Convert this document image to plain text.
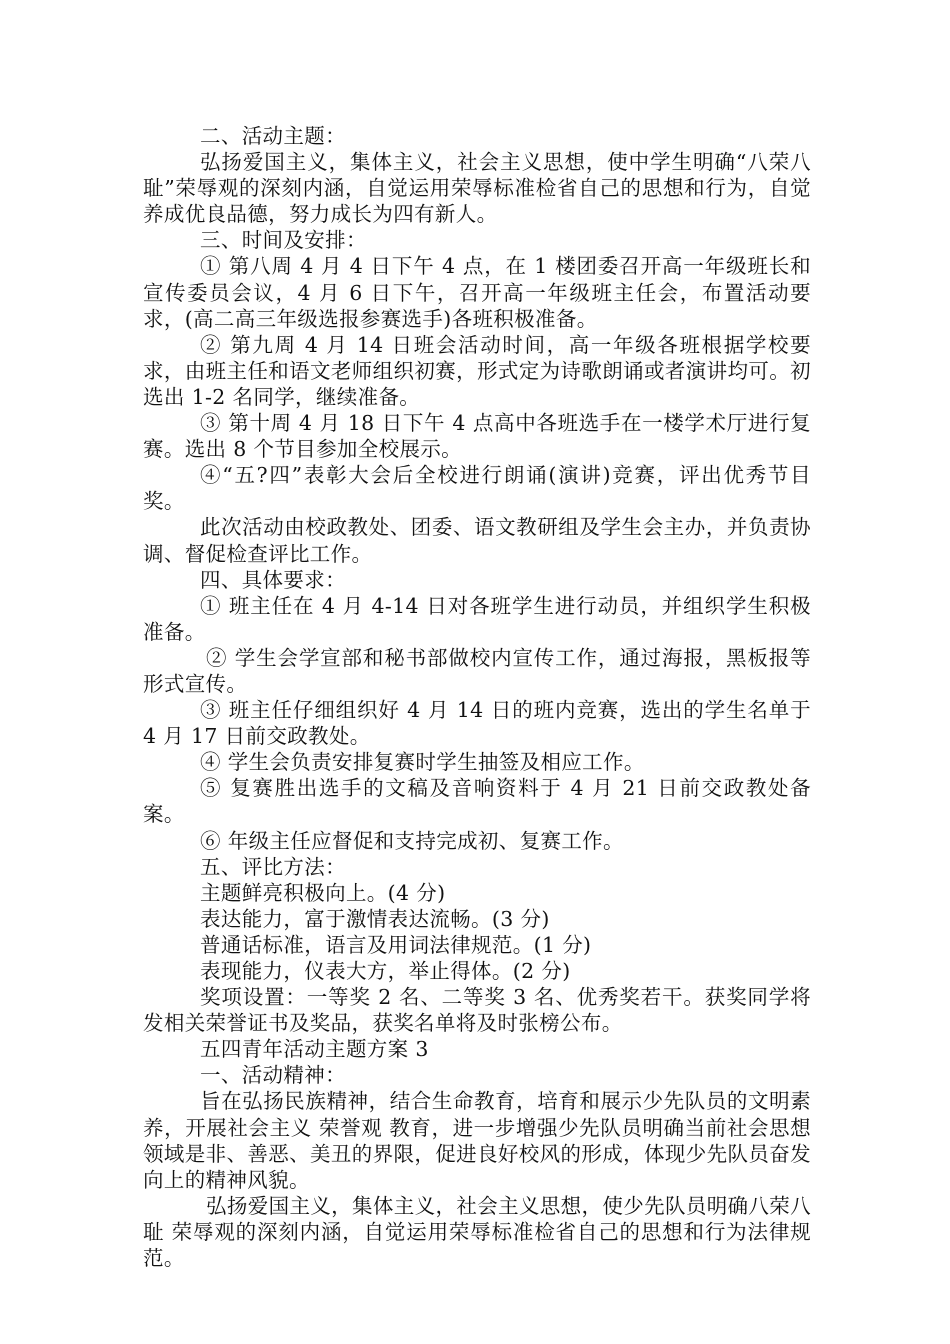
二、活动主题：

弘扬爱国主义，集体主义，社会主义思想，使中学生明确“八荣八耻”荣辱观的深刻内涵，自觉运用荣辱标准检省自己的思想和行为，自觉养成优良品德，努力成长为四有新人。

三、时间及安排：

① 第八周 4 月 4 日下午 4 点，在 1 楼团委召开高一年级班长和宣传委员会议，4 月 6 日下午，召开高一年级班主任会，布置活动要求，(高二高三年级选报参赛选手)各班积极准备。

② 第九周 4 月 14 日班会活动时间，高一年级各班根据学校要求，由班主任和语文老师组织初赛，形式定为诗歌朗诵或者演讲均可。初选出 1-2 名同学，继续准备。

③ 第十周 4 月 18 日下午 4 点高中各班选手在一楼学术厅进行复赛。选出 8 个节目参加全校展示。

④“五?四”表彰大会后全校进行朗诵(演讲)竞赛，评出优秀节目奖。

此次活动由校政教处、团委、语文教研组及学生会主办，并负责协调、督促检查评比工作。

四、具体要求：

① 班主任在 4 月 4-14 日对各班学生进行动员，并组织学生积极准备。

② 学生会学宣部和秘书部做校内宣传工作，通过海报，黑板报等形式宣传。

③ 班主任仔细组织好 4 月 14 日的班内竞赛，选出的学生名单于 4 月 17 日前交政教处。

④ 学生会负责安排复赛时学生抽签及相应工作。

⑤ 复赛胜出选手的文稿及音响资料于 4 月 21 日前交政教处备案。

⑥ 年级主任应督促和支持完成初、复赛工作。

五、评比方法：

主题鲜亮积极向上。(4 分)

表达能力，富于激情表达流畅。(3 分)

普通话标准，语言及用词法律规范。(1 分)

表现能力，仪表大方，举止得体。(2 分)

奖项设置：一等奖 2 名、二等奖 3 名、优秀奖若干。获奖同学将发相关荣誉证书及奖品，获奖名单将及时张榜公布。

五四青年活动主题方案 3

一、活动精神：

旨在弘扬民族精神，结合生命教育，培育和展示少先队员的文明素养，开展社会主义 荣誉观 教育，进一步增强少先队员明确当前社会思想领域是非、善恶、美丑的界限，促进良好校风的形成，体现少先队员奋发向上的精神风貌。

弘扬爱国主义，集体主义，社会主义思想，使少先队员明确八荣八耻 荣辱观的深刻内涵，自觉运用荣辱标准检省自己的思想和行为法律规范。
